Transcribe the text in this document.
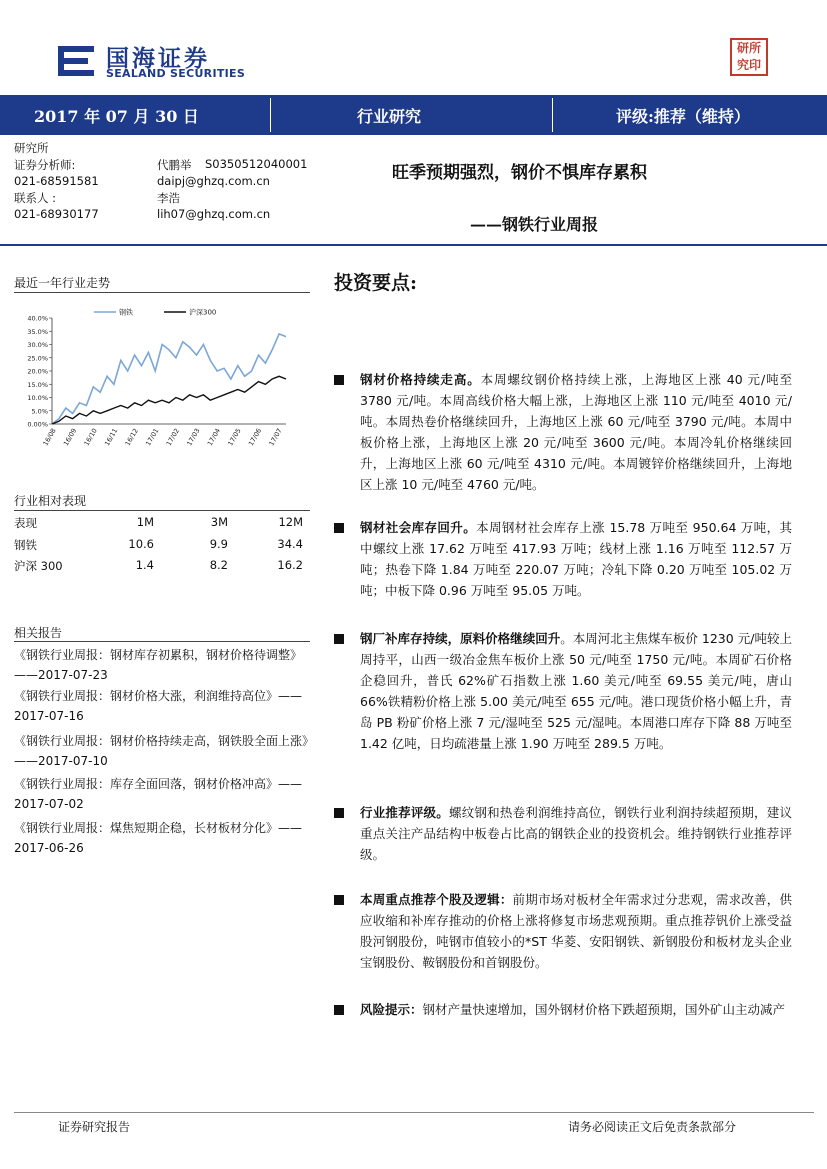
国海证券
SEALAND SECURITIES
研所
究印
2017 年 07 月 30 日	行业研究	评级:推荐（维持）
研究所
证券分析师:	代鹏举 S0350512040001
021-68591581	daipj@ghzq.com.cn
联系人 :	李浩
021-68930177	lih07@ghzq.com.cn
旺季预期强烈，钢价不惧库存累积
——钢铁行业周报
最近一年行业走势
40.0%
35.0%
30.0%
25.0%
20.0%
15.0%
10.0%
5.0%
0.00%
16/08 16/09 16/10 16/11 16/12 17/01 17/02 17/03 17/04 17/05 17/06 17/07
钢铁	沪深300
行业相对表现
表现	1M	3M	12M
钢铁	10.6	9.9	34.4
沪深 300	1.4	8.2	16.2
相关报告
《钢铁行业周报：钢材库存初累积，钢材价格待调整》——2017-07-23
《钢铁行业周报：钢材价格大涨，利润维持高位》——2017-07-16
《钢铁行业周报：钢材价格持续走高，钢铁股全面上涨》——2017-07-10
《钢铁行业周报：库存全面回落，钢材价格冲高》——2017-07-02
《钢铁行业周报：煤焦短期企稳，长材板材分化》——2017-06-26
投资要点:
钢材价格持续走高。本周螺纹钢价格持续上涨，上海地区上涨 40 元/吨至 3780 元/吨。本周高线价格大幅上涨，上海地区上涨 110 元/吨至 4010 元/吨。本周热卷价格继续回升，上海地区上涨 60 元/吨至 3790 元/吨。本周中板价格上涨，上海地区上涨 20 元/吨至 3600 元/吨。本周冷轧价格继续回升，上海地区上涨 60 元/吨至 4310 元/吨。本周镀锌价格继续回升，上海地区上涨 10 元/吨至 4760 元/吨。
钢材社会库存回升。本周钢材社会库存上涨 15.78 万吨至 950.64 万吨，其中螺纹上涨 17.62 万吨至 417.93 万吨；线材上涨 1.16 万吨至 112.57 万吨；热卷下降 1.84 万吨至 220.07 万吨；冷轧下降 0.20 万吨至 105.02 万吨；中板下降 0.96 万吨至 95.05 万吨。
钢厂补库存持续，原料价格继续回升。本周河北主焦煤车板价 1230 元/吨较上周持平，山西一级冶金焦车板价上涨 50 元/吨至 1750 元/吨。本周矿石价格企稳回升，普氏 62%矿石指数上涨 1.60 美元/吨至 69.55 美元/吨，唐山 66%铁精粉价格上涨 5.00 美元/吨至 655 元/吨。港口现货价格小幅上升，青岛 PB 粉矿价格上涨 7 元/湿吨至 525 元/湿吨。本周港口库存下降 88 万吨至 1.42 亿吨，日均疏港量上涨 1.90 万吨至 289.5 万吨。
行业推荐评级。螺纹钢和热卷利润维持高位，钢铁行业利润持续超预期，建议重点关注产品结构中板卷占比高的钢铁企业的投资机会。维持钢铁行业推荐评级。
本周重点推荐个股及逻辑：前期市场对板材全年需求过分悲观，需求改善，供应收缩和补库存推动的价格上涨将修复市场悲观预期。重点推荐钒价上涨受益股河钢股份，吨钢市值较小的*ST 华菱、安阳钢铁、新钢股份和板材龙头企业宝钢股份、鞍钢股份和首钢股份。
风险提示：钢材产量快速增加，国外钢材价格下跌超预期，国外矿山主动减产
证券研究报告	请务必阅读正文后免责条款部分
